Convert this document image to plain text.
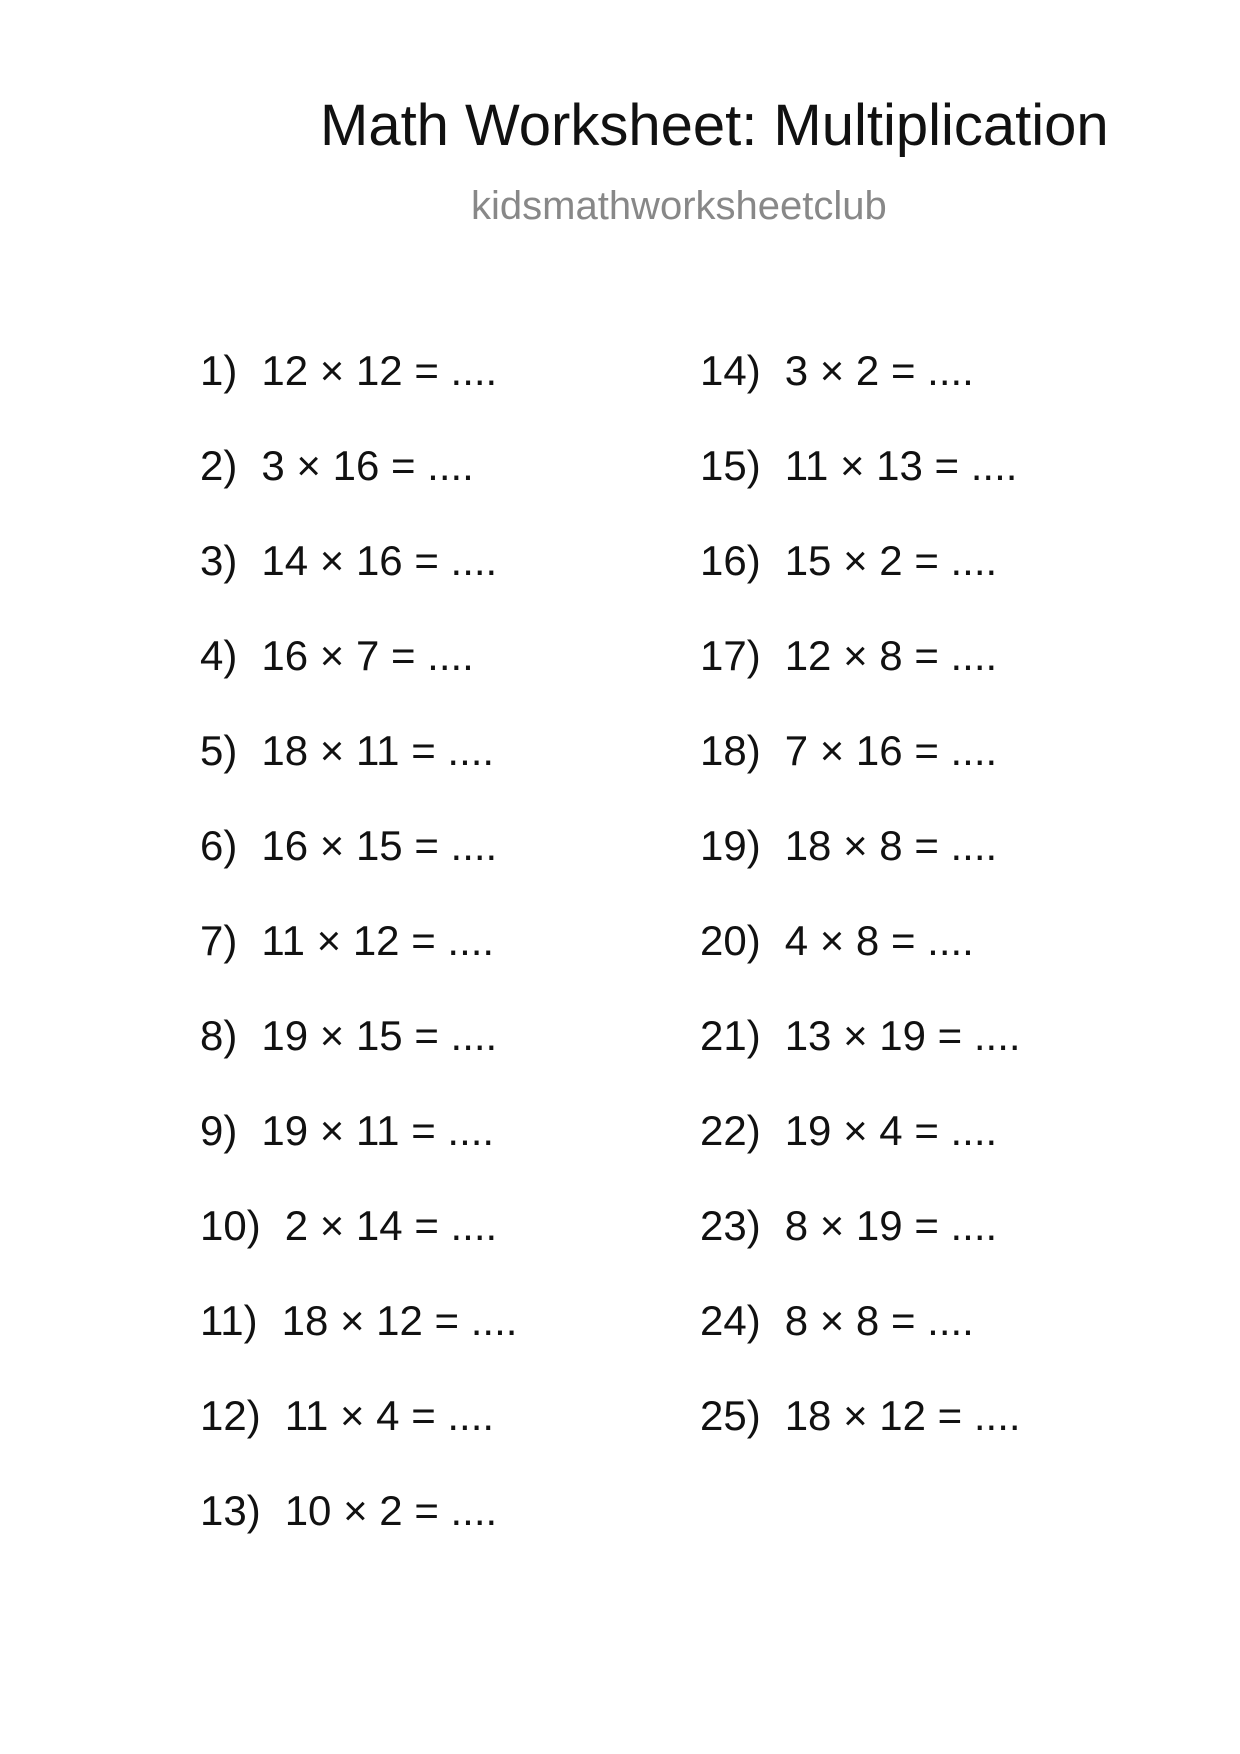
Math Worksheet: Multiplication
kidsmathworksheetclub
1) 12 × 12 = ....
2) 3 × 16 = ....
3) 14 × 16 = ....
4) 16 × 7 = ....
5) 18 × 11 = ....
6) 16 × 15 = ....
7) 11 × 12 = ....
8) 19 × 15 = ....
9) 19 × 11 = ....
10) 2 × 14 = ....
11) 18 × 12 = ....
12) 11 × 4 = ....
13) 10 × 2 = ....
14) 3 × 2 = ....
15) 11 × 13 = ....
16) 15 × 2 = ....
17) 12 × 8 = ....
18) 7 × 16 = ....
19) 18 × 8 = ....
20) 4 × 8 = ....
21) 13 × 19 = ....
22) 19 × 4 = ....
23) 8 × 19 = ....
24) 8 × 8 = ....
25) 18 × 12 = ....
